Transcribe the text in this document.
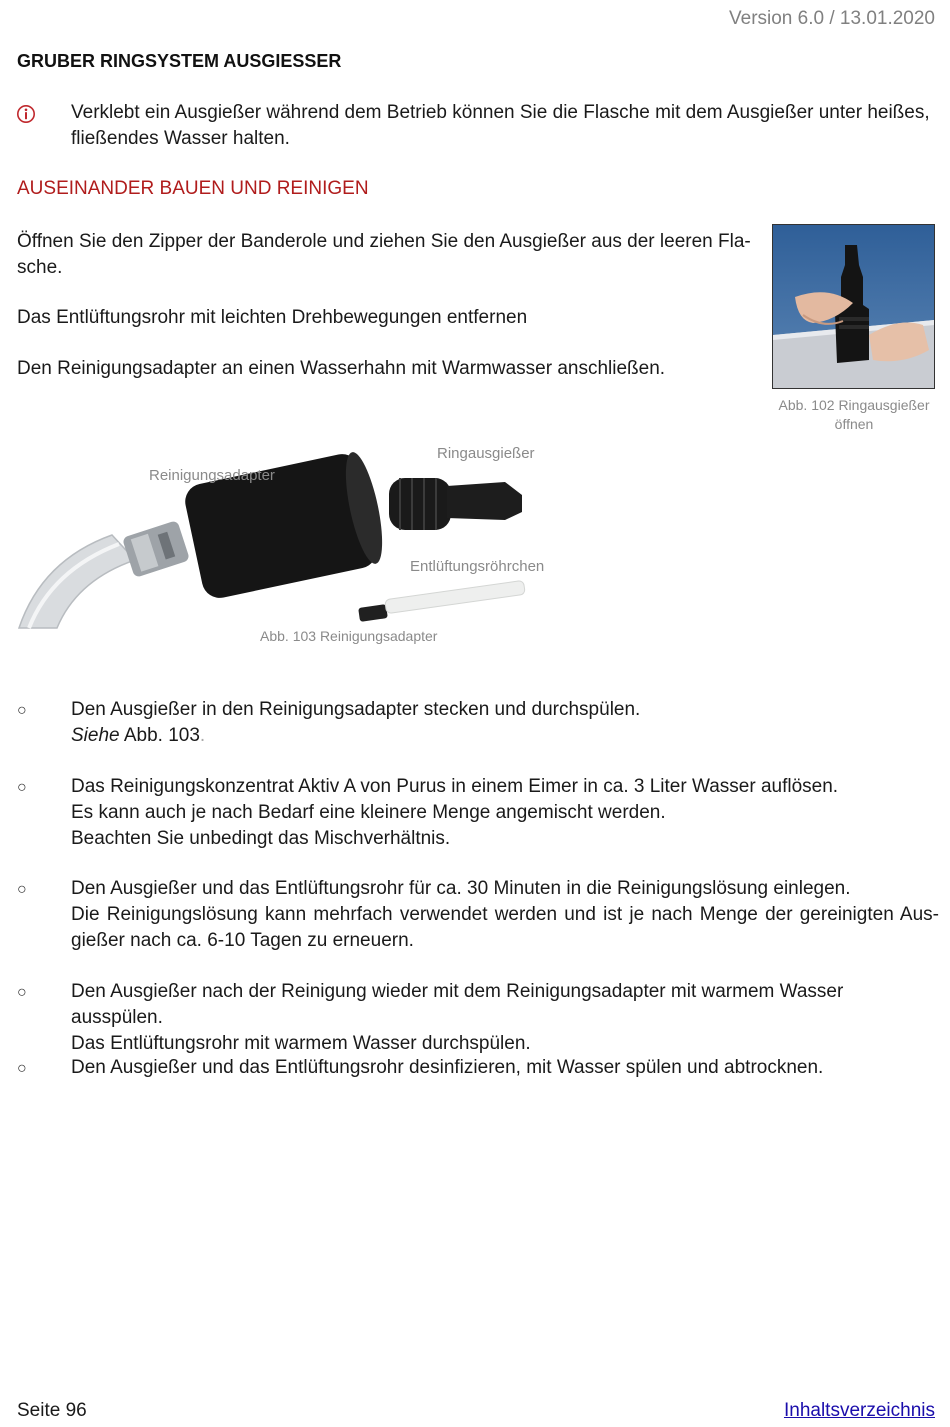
Version 6.0 / 13.01.2020
GRUBER RINGSYSTEM AUSGIESSER
Verklebt ein Ausgießer während dem Betrieb können Sie die Flasche mit dem Ausgießer unter heißes,
fließendes Wasser halten.
AUSEINANDER BAUEN UND REINIGEN
Öffnen Sie den Zipper der Banderole und ziehen Sie den Ausgießer aus der leeren Fla-
sche.
Das Entlüftungsrohr mit leichten Drehbewegungen entfernen
Den Reinigungsadapter an einen Wasserhahn mit Warmwasser anschließen.
Abb. 102 Ringausgießer
öffnen
Reinigungsadapter
Ringausgießer
Entlüftungsröhrchen
Abb. 103 Reinigungsadapter
○ Den Ausgießer in den Reinigungsadapter stecken und durchspülen.
Siehe Abb. 103.
○ Das Reinigungskonzentrat Aktiv A von Purus in einem Eimer in ca. 3 Liter Wasser auflösen.
Es kann auch je nach Bedarf eine kleinere Menge angemischt werden.
Beachten Sie unbedingt das Mischverhältnis.
○ Den Ausgießer und das Entlüftungsrohr für ca. 30 Minuten in die Reinigungslösung einlegen.
Die Reinigungslösung kann mehrfach verwendet werden und ist je nach Menge der gereinigten Aus-
gießer nach ca. 6-10 Tagen zu erneuern.
○ Den Ausgießer nach der Reinigung wieder mit dem Reinigungsadapter mit warmem Wasser ausspülen.
Das Entlüftungsrohr mit warmem Wasser durchspülen.
○ Den Ausgießer und das Entlüftungsrohr desinfizieren, mit Wasser spülen und abtrocknen.
Seite 96	Inhaltsverzeichnis
